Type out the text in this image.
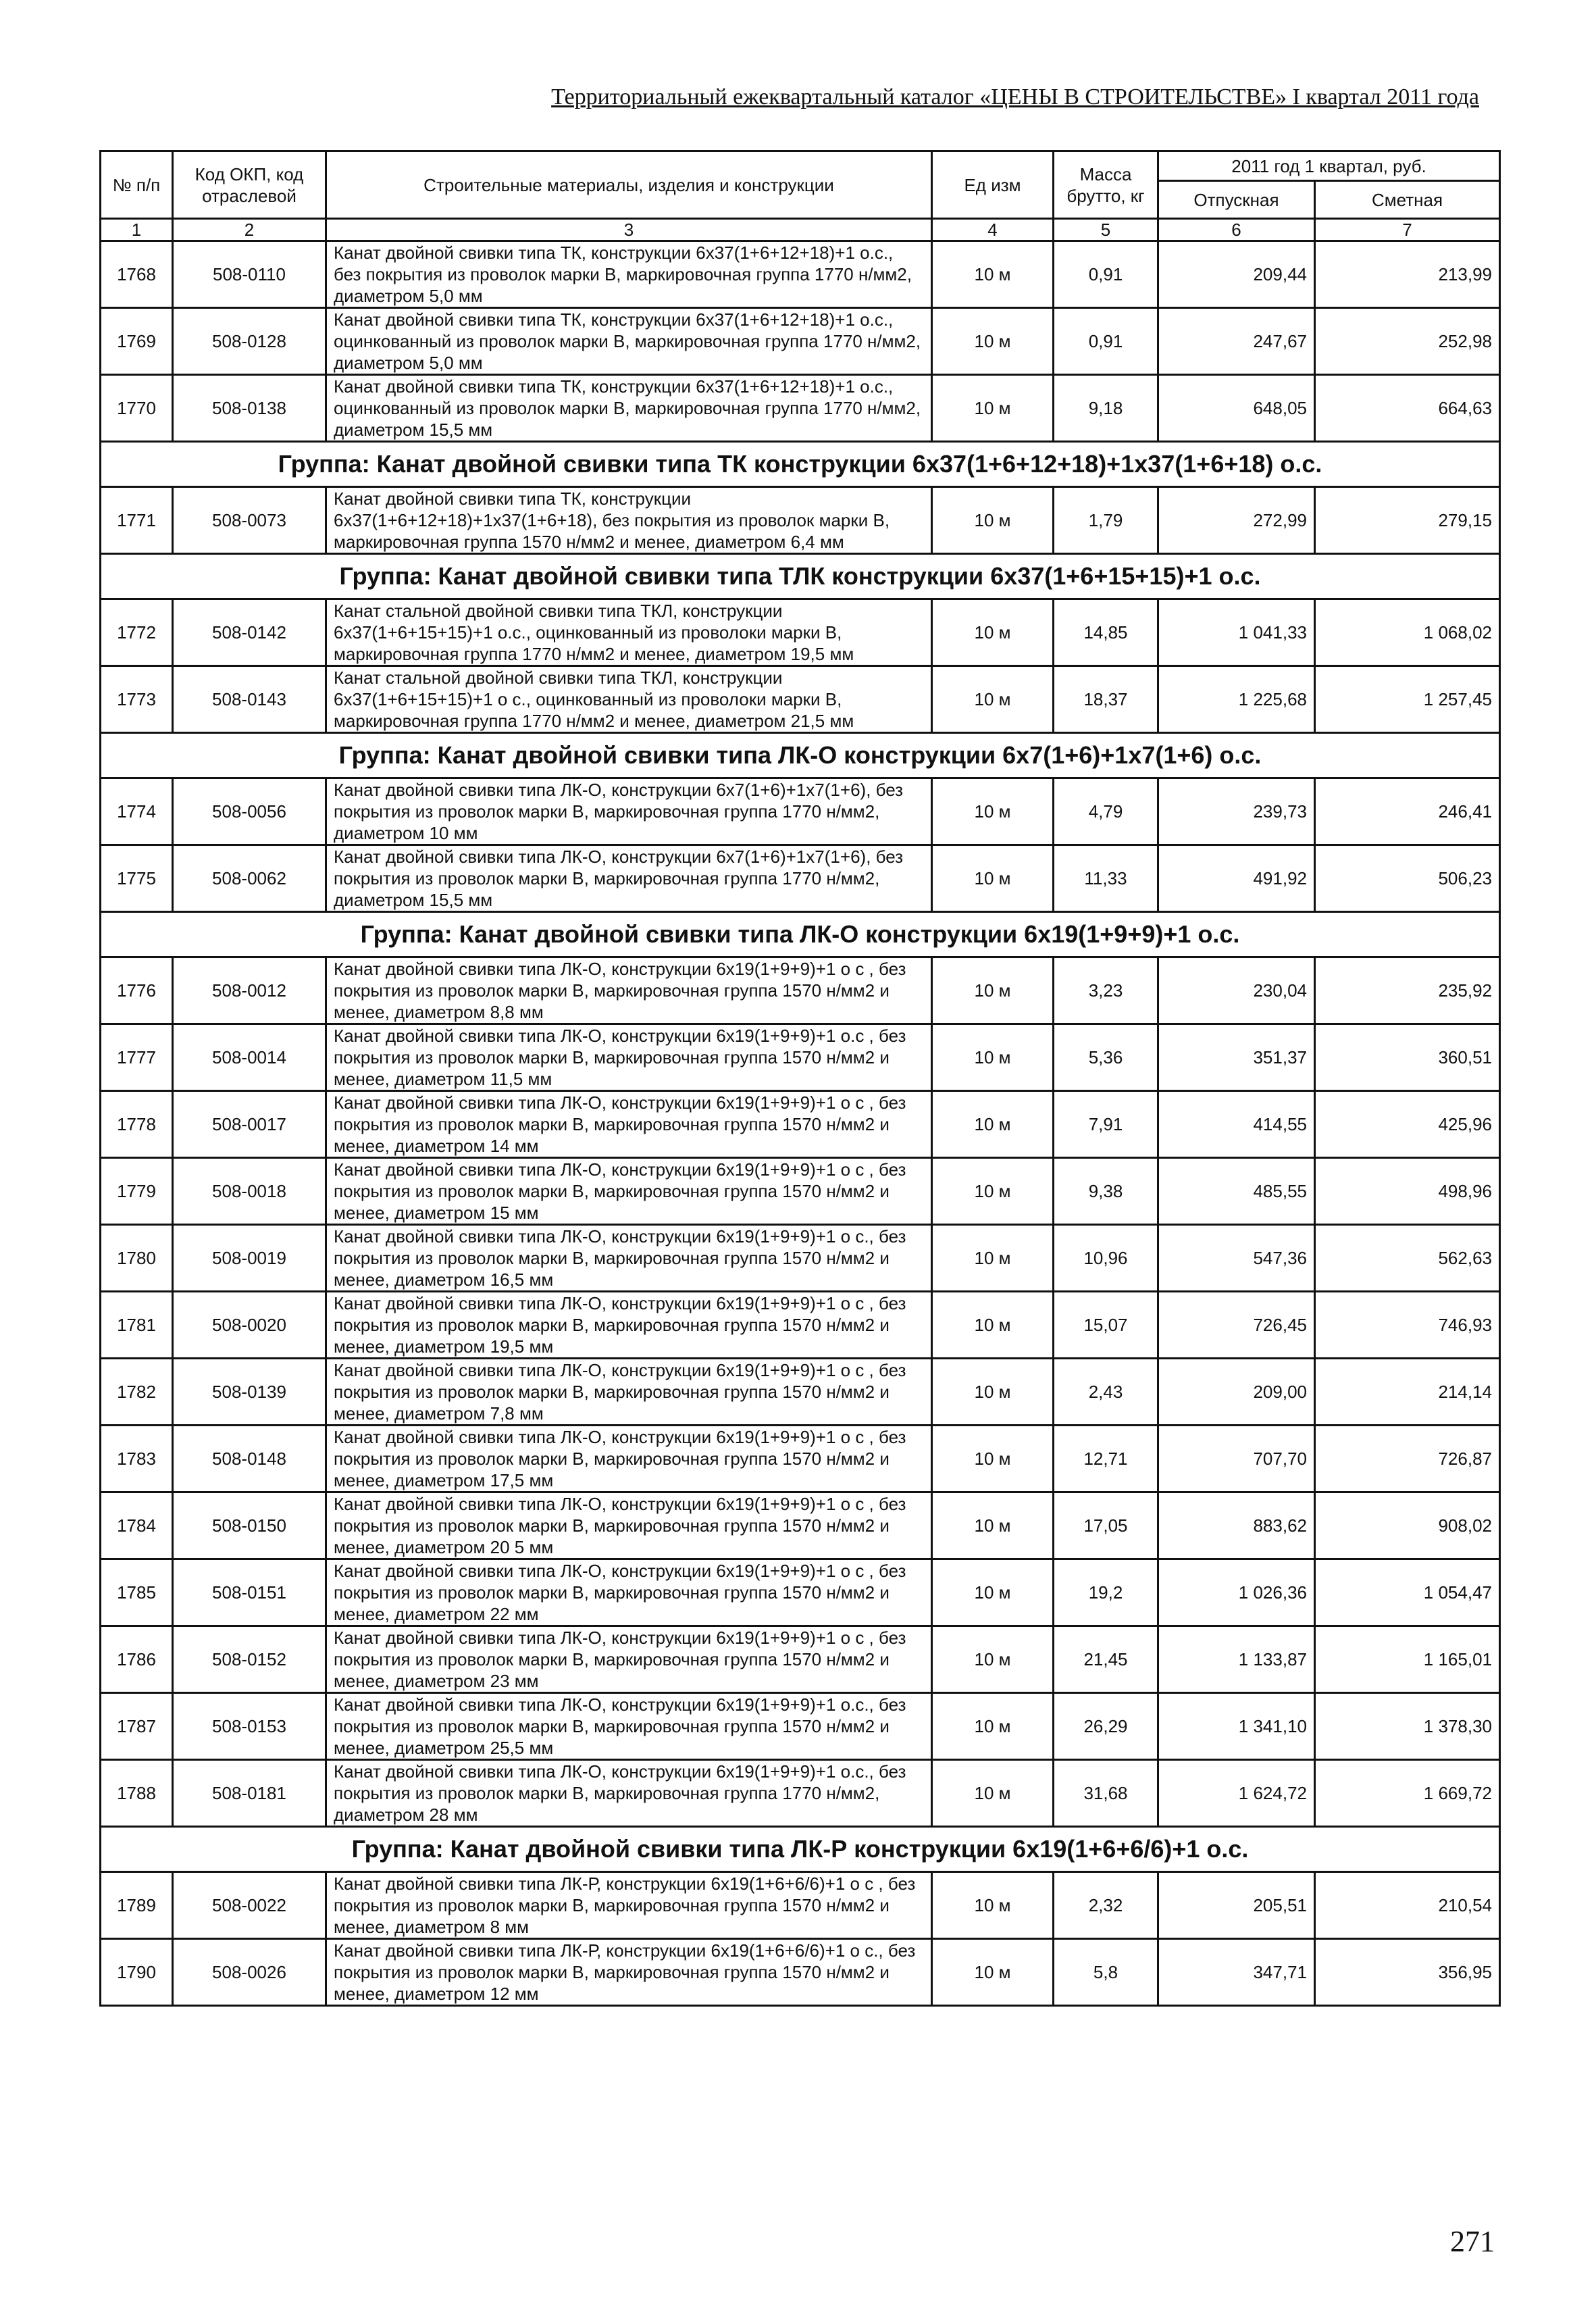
Территориальный ежеквартальный каталог «ЦЕНЫ В СТРОИТЕЛЬСТВЕ» I квартал 2011 года
№ п/п	Код ОКП, код отраслевой	Строительные материалы, изделия и конструкции	Ед изм	Масса брутто, кг	2011 год 1 квартал, руб.	
					Отпускная	Сметная
1	2	3	4	5	6	7
1768	508-0110	Канат двойной свивки типа ТК, конструкции 6х37(1+6+12+18)+1 о.с., без покрытия из проволок марки В, маркировочная группа 1770 н/мм2, диаметром 5,0 мм	10 м	0,91	209,44	213,99
1769	508-0128	Канат двойной свивки типа ТК, конструкции 6х37(1+6+12+18)+1 о.с., оцинкованный из проволок марки В, маркировочная группа 1770 н/мм2, диаметром 5,0 мм	10 м	0,91	247,67	252,98
1770	508-0138	Канат двойной свивки типа ТК, конструкции 6х37(1+6+12+18)+1 о.с., оцинкованный из проволок марки В, маркировочная группа 1770 н/мм2, диаметром 15,5 мм	10 м	9,18	648,05	664,63
Группа: Канат двойной свивки типа ТК конструкции 6х37(1+6+12+18)+1х37(1+6+18) о.с.						
1771	508-0073	Канат двойной свивки типа ТК, конструкции 6х37(1+6+12+18)+1х37(1+6+18), без покрытия из проволок марки В, маркировочная группа 1570 н/мм2 и менее, диаметром 6,4 мм	10 м	1,79	272,99	279,15
Группа: Канат двойной свивки типа ТЛК конструкции 6х37(1+6+15+15)+1 о.с.						
1772	508-0142	Канат стальной двойной свивки типа ТКЛ, конструкции 6х37(1+6+15+15)+1 о.с., оцинкованный из проволоки марки В, маркировочная группа 1770 н/мм2 и менее, диаметром 19,5 мм	10 м	14,85	1 041,33	1 068,02
1773	508-0143	Канат стальной двойной свивки типа ТКЛ, конструкции 6х37(1+6+15+15)+1 о с., оцинкованный из проволоки марки В, маркировочная группа 1770 н/мм2 и менее, диаметром 21,5 мм	10 м	18,37	1 225,68	1 257,45
Группа: Канат двойной свивки типа ЛК-О конструкции 6х7(1+6)+1х7(1+6) о.с.						
1774	508-0056	Канат двойной свивки типа ЛК-О, конструкции 6х7(1+6)+1х7(1+6), без покрытия из проволок марки В, маркировочная группа 1770 н/мм2, диаметром 10 мм	10 м	4,79	239,73	246,41
1775	508-0062	Канат двойной свивки типа ЛК-О, конструкции 6х7(1+6)+1х7(1+6), без покрытия из проволок марки В, маркировочная группа 1770 н/мм2, диаметром 15,5 мм	10 м	11,33	491,92	506,23
Группа: Канат двойной свивки типа ЛК-О конструкции 6х19(1+9+9)+1 о.с.						
1776	508-0012	Канат двойной свивки типа ЛК-О, конструкции 6х19(1+9+9)+1 о с , без покрытия из проволок марки В, маркировочная группа 1570 н/мм2 и менее, диаметром 8,8 мм	10 м	3,23	230,04	235,92
1777	508-0014	Канат двойной свивки типа ЛК-О, конструкции 6х19(1+9+9)+1 о.с , без покрытия из проволок марки В, маркировочная группа 1570 н/мм2 и менее, диаметром 11,5 мм	10 м	5,36	351,37	360,51
1778	508-0017	Канат двойной свивки типа ЛК-О, конструкции 6х19(1+9+9)+1 о с , без покрытия из проволок марки В, маркировочная группа 1570 н/мм2 и менее, диаметром 14 мм	10 м	7,91	414,55	425,96
1779	508-0018	Канат двойной свивки типа ЛК-О, конструкции 6х19(1+9+9)+1 о с , без покрытия из проволок марки В, маркировочная группа 1570 н/мм2 и менее, диаметром 15 мм	10 м	9,38	485,55	498,96
1780	508-0019	Канат двойной свивки типа ЛК-О, конструкции 6х19(1+9+9)+1 о с., без покрытия из проволок марки В, маркировочная группа 1570 н/мм2 и менее, диаметром 16,5 мм	10 м	10,96	547,36	562,63
1781	508-0020	Канат двойной свивки типа ЛК-О, конструкции 6х19(1+9+9)+1 о с , без покрытия из проволок марки В, маркировочная группа 1570 н/мм2 и менее, диаметром 19,5 мм	10 м	15,07	726,45	746,93
1782	508-0139	Канат двойной свивки типа ЛК-О, конструкции 6х19(1+9+9)+1 о с , без покрытия из проволок марки В, маркировочная группа 1570 н/мм2 и менее, диаметром 7,8 мм	10 м	2,43	209,00	214,14
1783	508-0148	Канат двойной свивки типа ЛК-О, конструкции 6х19(1+9+9)+1 о с , без покрытия из проволок марки В, маркировочная группа 1570 н/мм2 и менее, диаметром 17,5 мм	10 м	12,71	707,70	726,87
1784	508-0150	Канат двойной свивки типа ЛК-О, конструкции 6х19(1+9+9)+1 о с , без покрытия из проволок марки В, маркировочная группа 1570 н/мм2 и менее, диаметром 20 5 мм	10 м	17,05	883,62	908,02
1785	508-0151	Канат двойной свивки типа ЛК-О, конструкции 6х19(1+9+9)+1 о с , без покрытия из проволок марки В, маркировочная группа 1570 н/мм2 и менее, диаметром 22 мм	10 м	19,2	1 026,36	1 054,47
1786	508-0152	Канат двойной свивки типа ЛК-О, конструкции 6х19(1+9+9)+1 о с , без покрытия из проволок марки В, маркировочная группа 1570 н/мм2 и менее, диаметром 23 мм	10 м	21,45	1 133,87	1 165,01
1787	508-0153	Канат двойной свивки типа ЛК-О, конструкции 6х19(1+9+9)+1 о.с., без покрытия из проволок марки В, маркировочная группа 1570 н/мм2 и менее, диаметром 25,5 мм	10 м	26,29	1 341,10	1 378,30
1788	508-0181	Канат двойной свивки типа ЛК-О, конструкции 6х19(1+9+9)+1 о.с., без покрытия из проволок марки В, маркировочная группа 1770 н/мм2, диаметром 28 мм	10 м	31,68	1 624,72	1 669,72
Группа: Канат двойной свивки типа ЛК-Р конструкции 6х19(1+6+6/6)+1 о.с.						
1789	508-0022	Канат двойной свивки типа ЛК-Р, конструкции 6х19(1+6+6/6)+1 о с , без покрытия из проволок марки В, маркировочная группа 1570 н/мм2 и менее, диаметром 8 мм	10 м	2,32	205,51	210,54
1790	508-0026	Канат двойной свивки типа ЛК-Р, конструкции 6х19(1+6+6/6)+1 о с., без покрытия из проволок марки В, маркировочная группа 1570 н/мм2 и менее, диаметром 12 мм	10 м	5,8	347,71	356,95
271
